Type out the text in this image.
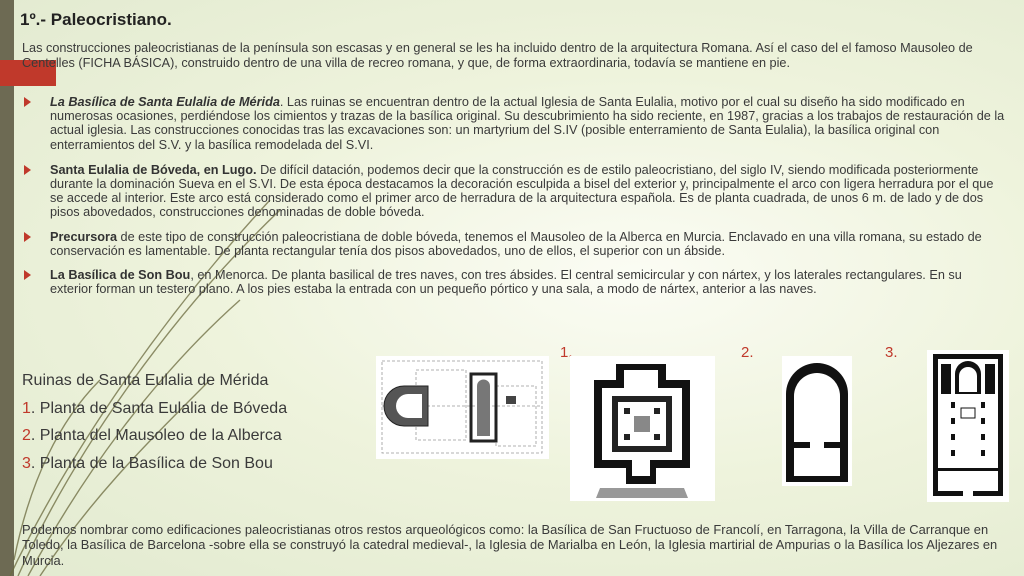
1º.- Paleocristiano.
Las construcciones paleocristianas de la península son escasas y en general se les ha incluido dentro de la arquitectura Romana. Así el caso del el famoso Mausoleo de Centelles (FICHA BÁSICA), construido dentro de una villa de recreo romana, y que, de forma extraordinaria, todavía se mantiene en pie.
La Basílica de Santa Eulalia de Mérida. Las ruinas se encuentran dentro de la actual Iglesia de Santa Eulalia, motivo por el cual su diseño ha sido modificado en numerosas ocasiones, perdiéndose los cimientos y trazas de la basílica original. Su descubrimiento ha sido reciente, en 1987, gracias a los trabajos de restauración de la actual iglesia. Las construcciones conocidas tras las excavaciones son: un martyrium del S.IV (posible enterramiento de Santa Eulalia), la basílica original con enterramientos del S.V. y la basílica remodelada del S.VI.
Santa Eulalia de Bóveda, en Lugo. De difícil datación, podemos decir que la construcción es de estilo paleocristiano, del siglo IV, siendo modificada posteriormente durante la dominación Sueva en el S.VI. De esta época destacamos la decoración esculpida a bisel del exterior y, principalmente el arco con ligera herradura por el que se accede al interior. Este arco está considerado como el primer arco de herradura de la arquitectura española. Es de planta cuadrada, de unos 6 m. de lado y de dos pisos abovedados, construcciones denominadas de doble bóveda.
Precursora de este tipo de construcción paleocristiana de doble bóveda, tenemos el Mausoleo de la Alberca en Murcia. Enclavado en una villa romana, su estado de conservación es lamentable. De planta rectangular tenía dos pisos abovedados, uno de ellos, el superior con un ábside.
La Basílica de Son Bou, en Menorca. De planta basilical de tres naves, con tres ábsides. El central semicircular y con nártex, y los laterales rectangulares. En su exterior forman un testero plano. A los pies estaba la entrada con un pequeño pórtico y una sala, a modo de nártex, anterior a las naves.
1.	2.	3.
Ruinas de Santa Eulalia de Mérida
1. Planta de Santa Eulalia de Bóveda
2. Planta del Mausoleo de la Alberca
3. Planta de la Basílica de Son Bou
Podemos nombrar como edificaciones paleocristianas otros restos arqueológicos como: la Basílica de San Fructuoso de Francolí, en Tarragona, la Villa de Carranque en Toledo, la Basílica de Barcelona -sobre ella se construyó la catedral medieval-, la Iglesia de Marialba en León, la Iglesia martirial de Ampurias o la Basílica los Aljezares en Murcia.
